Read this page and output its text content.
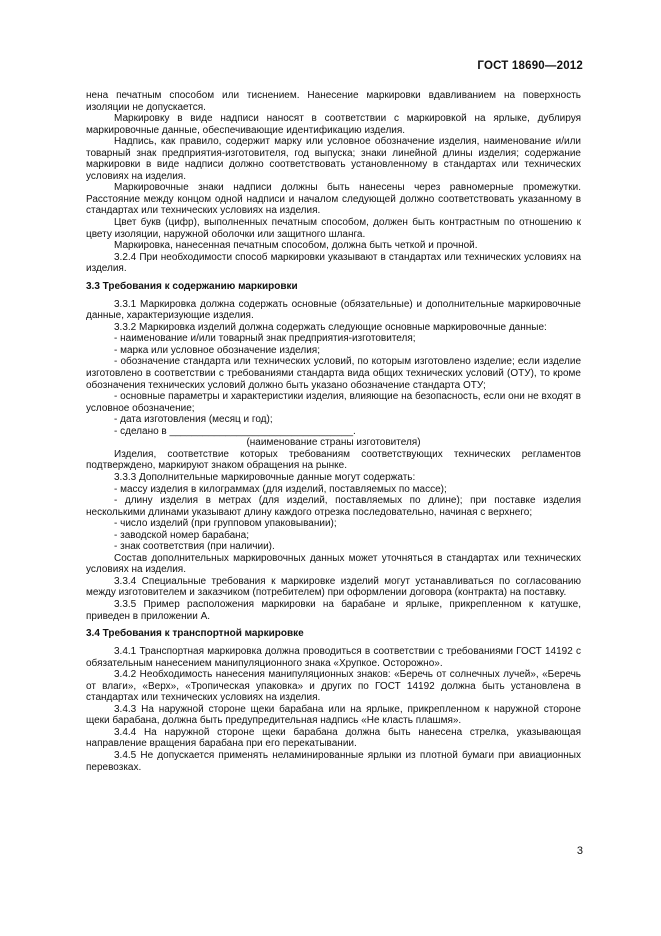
ГОСТ 18690—2012

нена печатным способом или тиснением. Нанесение маркировки вдавливанием на поверхность изоляции не допускается.

Маркировку в виде надписи наносят в соответствии с маркировкой на ярлыке, дублируя маркировочные данные, обеспечивающие идентификацию изделия.

Надпись, как правило, содержит марку или условное обозначение изделия, наименование и/или товарный знак предприятия-изготовителя, год выпуска; знаки линейной длины изделия; содержание маркировки в виде надписи должно соответствовать установленному в стандартах или технических условиях на изделия.

Маркировочные знаки надписи должны быть нанесены через равномерные промежутки. Расстояние между концом одной надписи и началом следующей должно соответствовать указанному в стандартах или технических условиях на изделия.

Цвет букв (цифр), выполненных печатным способом, должен быть контрастным по отношению к цвету изоляции, наружной оболочки или защитного шланга.

Маркировка, нанесенная печатным способом, должна быть четкой и прочной.

3.2.4 При необходимости способ маркировки указывают в стандартах или технических условиях на изделия.

3.3 Требования к содержанию маркировки

3.3.1 Маркировка должна содержать основные (обязательные) и дополнительные маркировочные данные, характеризующие изделия.

3.3.2 Маркировка изделий должна содержать следующие основные маркировочные данные:

- наименование и/или товарный знак предприятия-изготовителя;

- марка или условное обозначение изделия;

- обозначение стандарта или технических условий, по которым изготовлено изделие; если изделие изготовлено в соответствии с требованиями стандарта вида общих технических условий (ОТУ), то кроме обозначения технических условий должно быть указано обозначение стандарта ОТУ;

- основные параметры и характеристики изделия, влияющие на безопасность, если они не входят в условное обозначение;

- дата изготовления (месяц и год);

- сделано в _________________________________.

(наименование страны изготовителя)

Изделия, соответствие которых требованиям соответствующих технических регламентов подтверждено, маркируют знаком обращения на рынке.

3.3.3 Дополнительные маркировочные данные могут содержать:

- массу изделия в килограммах (для изделий, поставляемых по массе);

- длину изделия в метрах (для изделий, поставляемых по длине); при поставке изделия несколькими длинами указывают длину каждого отрезка последовательно, начиная с верхнего;

- число изделий (при групповом упаковывании);

- заводской номер барабана;

- знак соответствия (при наличии).

Состав дополнительных маркировочных данных может уточняться в стандартах или технических условиях на изделия.

3.3.4 Специальные требования к маркировке изделий могут устанавливаться по согласованию между изготовителем и заказчиком (потребителем) при оформлении договора (контракта) на поставку.

3.3.5 Пример расположения маркировки на барабане и ярлыке, прикрепленном к катушке, приведен в приложении А.

3.4 Требования к транспортной маркировке

3.4.1 Транспортная маркировка должна проводиться в соответствии с требованиями ГОСТ 14192 с обязательным нанесением манипуляционного знака «Хрупкое. Осторожно».

3.4.2 Необходимость нанесения манипуляционных знаков: «Беречь от солнечных лучей», «Беречь от влаги», «Верх», «Тропическая упаковка» и других по ГОСТ 14192 должна быть установлена в стандартах или технических условиях на изделия.

3.4.3 На наружной стороне щеки барабана или на ярлыке, прикрепленном к наружной стороне щеки барабана, должна быть предупредительная надпись «Не класть плашмя».

3.4.4 На наружной стороне щеки барабана должна быть нанесена стрелка, указывающая направление вращения барабана при его перекатывании.

3.4.5 Не допускается применять неламинированные ярлыки из плотной бумаги при авиационных перевозках.

3
